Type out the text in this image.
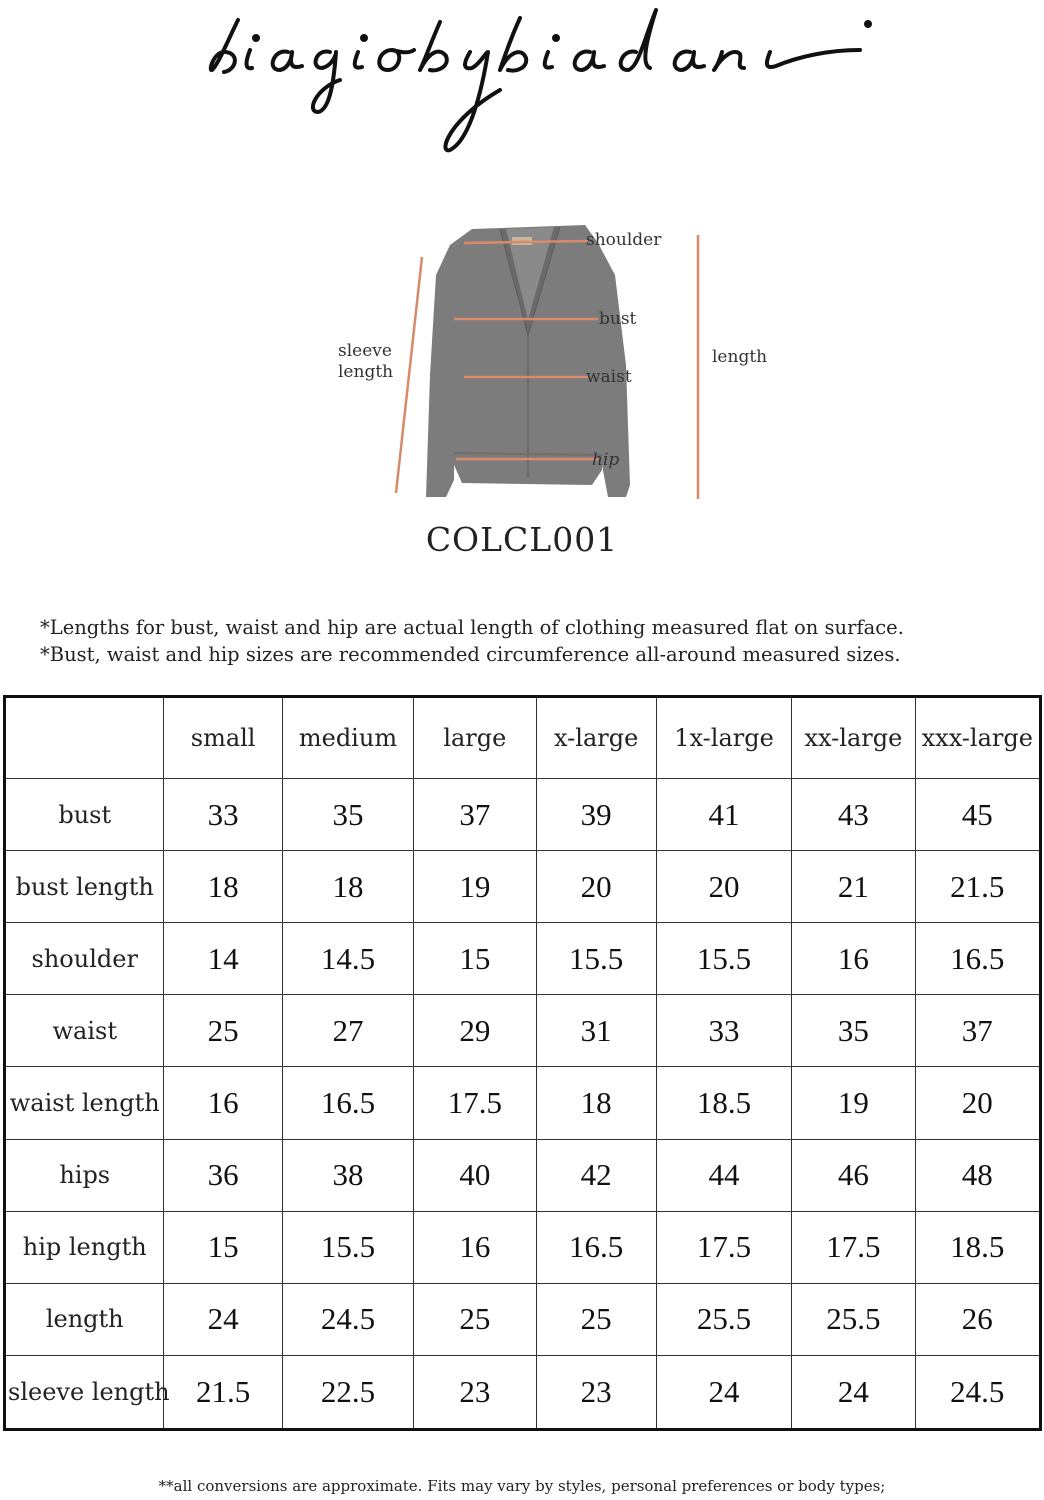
shoulder
bust
waist
hip
sleeve
length
length
COLCL001
*Lengths for bust, waist and hip are actual length of clothing measured flat on surface.
*Bust, waist and hip sizes are recommended circumference all-around measured sizes.
	small	medium	large	x-large	1x-large	xx-large	xxx-large
bust	33	35	37	39	41	43	45
bust length	18	18	19	20	20	21	21.5
shoulder	14	14.5	15	15.5	15.5	16	16.5
waist	25	27	29	31	33	35	37
waist length	16	16.5	17.5	18	18.5	19	20
hips	36	38	40	42	44	46	48
hip length	15	15.5	16	16.5	17.5	17.5	18.5
length	24	24.5	25	25	25.5	25.5	26
sleeve length	21.5	22.5	23	23	24	24	24.5
**all conversions are approximate. Fits may vary by styles, personal preferences or body types;
